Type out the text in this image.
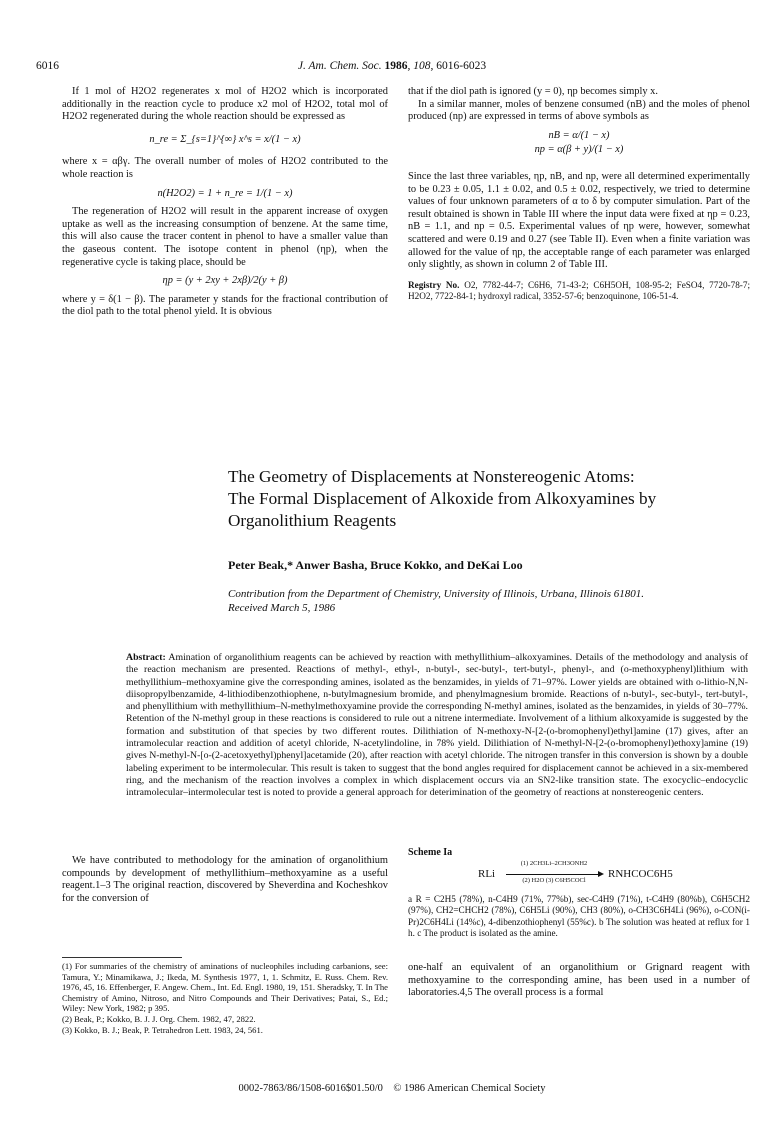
6016	J. Am. Chem. Soc. 1986, 108, 6016-6023

If 1 mol of H2O2 regenerates x mol of H2O2 which is incorporated additionally in the reaction cycle to produce x2 mol of H2O2, total mol of H2O2 regenerated during the whole reaction should be expressed as

n_re = Σ_{s=1}^{∞} x^s = x/(1 − x)

where x = αβγ. The overall number of moles of H2O2 contributed to the whole reaction is

n(H2O2) = 1 + n_re = 1/(1 − x)

The regeneration of H2O2 will result in the apparent increase of oxygen uptake as well as the increasing consumption of benzene. At the same time, this will also cause the tracer content in phenol to have a smaller value than the gaseous content. The isotope content in phenol (ηp), when the regenerative cycle is taking place, should be

ηp = (y + 2xy + 2xβ)/2(y + β)

where y = δ(1 − β). The parameter y stands for the fractional contribution of the diol path to the total phenol yield. It is obvious

that if the diol path is ignored (y = 0), ηp becomes simply x.

In a similar manner, moles of benzene consumed (nB) and the moles of phenol produced (np) are expressed in terms of above symbols as

nB = α/(1 − x)
np = α(β + y)/(1 − x)

Since the last three variables, ηp, nB, and np, were all determined experimentally to be 0.23 ± 0.05, 1.1 ± 0.02, and 0.5 ± 0.02, respectively, we tried to determine values of four unknown parameters of α to δ by computer simulation. Part of the result obtained is shown in Table III where the input data were fixed at ηp = 0.23, nB = 1.1, and np = 0.5. Experimental values of ηp were, however, somewhat scattered and were 0.19 and 0.27 (see Table II). Even when a finite variation was allowed for the value of ηp, the acceptable range of each parameter was enlarged only slightly, as shown in column 2 of Table III.

Registry No. O2, 7782-44-7; C6H6, 71-43-2; C6H5OH, 108-95-2; FeSO4, 7720-78-7; H2O2, 7722-84-1; hydroxyl radical, 3352-57-6; benzoquinone, 106-51-4.
The Geometry of Displacements at Nonstereogenic Atoms:
The Formal Displacement of Alkoxide from Alkoxyamines by
Organolithium Reagents
Peter Beak,* Anwer Basha, Bruce Kokko, and DeKai Loo
Contribution from the Department of Chemistry, University of Illinois, Urbana, Illinois 61801.
Received March 5, 1986
Abstract: Amination of organolithium reagents can be achieved by reaction with methyllithium–alkoxyamines. Details of the methodology and analysis of the reaction mechanism are presented. Reactions of methyl-, ethyl-, n-butyl-, sec-butyl-, tert-butyl-, phenyl-, and (o-methoxyphenyl)lithium with methyllithium–methoxyamine give the corresponding amines, isolated as the benzamides, in yields of 71–97%. Lower yields are obtained with o-lithio-N,N-diisopropylbenzamide, 4-lithiodibenzothiophene, n-butylmagnesium bromide, and phenylmagnesium bromide. Reactions of n-butyl-, sec-butyl-, tert-butyl-, and phenyllithium with methyllithium–N-methylmethoxyamine provide the corresponding N-methyl amines, isolated as the benzamides, in yields of 30–77%. Retention of the N-methyl group in these reactions is considered to rule out a nitrene intermediate. Involvement of a lithium alkoxyamide is suggested by the formation and substitution of that species by two different routes. Dilithiation of N-methoxy-N-[2-(o-bromophenyl)ethyl]amine (17) gives, after an intramolecular reaction and addition of acetyl chloride, N-acetylindoline, in 78% yield. Dilithiation of N-methyl-N-[2-(o-bromophenyl)ethoxy]amine (19) gives N-methyl-N-[o-(2-acetoxyethyl)phenyl]acetamide (20), after reaction with acetyl chloride. The nitrogen transfer in this conversion is shown by a double labeling experiment to be intermolecular. This result is taken to suggest that the bond angles required for displacement cannot be achieved in a six-membered ring, and the mechanism of the reaction involves a complex in which displacement occurs via an SN2-like transition state. The exocyclic–endocyclic intramolecular–intermolecular test is noted to provide a general approach for deterimination of the geometry of reactions at nonstereogenic centers.

We have contributed to methodology for the amination of organolithium compounds by development of methyllithium–methoxyamine as a useful reagent.1–3 The original reaction, discovered by Sheverdina and Kocheshkov for the conversion of

Scheme Ia
RLi
(1) 2CH3Li–2CH3ONH2
(2) H2O (3) C6H5COCl
RNHCOC6H5
a R = C2H5 (78%), n-C4H9 (71%, 77%b), sec-C4H9 (71%), t-C4H9 (80%b), C6H5CH2 (97%), CH2=CHCH2 (78%), C6H5Li (90%), CH3 (80%), o-CH3C6H4Li (96%), o-CON(i-Pr)2C6H4Li (14%c), 4-dibenzothiophenyl (55%c). b The solution was heated at reflux for 1 h. c The product is isolated as the amine.

one-half an equivalent of an organolithium or Grignard reagent with methoxyamine to the corresponding amine, has been used in a number of laboratories.4,5 The overall process is a formal

(1) For summaries of the chemistry of aminations of nucleophiles including carbanions, see: Tamura, Y.; Minamikawa, J.; Ikeda, M. Synthesis 1977, 1, 1. Schmitz, E. Russ. Chem. Rev. 1976, 45, 16. Effenberger, F. Angew. Chem., Int. Ed. Engl. 1980, 19, 151. Sheradsky, T. In The Chemistry of Amino, Nitroso, and Nitro Compounds and Their Derivatives; Patai, S., Ed.; Wiley: New York, 1982; p 395.

(2) Beak, P.; Kokko, B. J. J. Org. Chem. 1982, 47, 2822.

(3) Kokko, B. J.; Beak, P. Tetrahedron Lett. 1983, 24, 561.

0002-7863/86/1508-6016$01.50/0 © 1986 American Chemical Society
